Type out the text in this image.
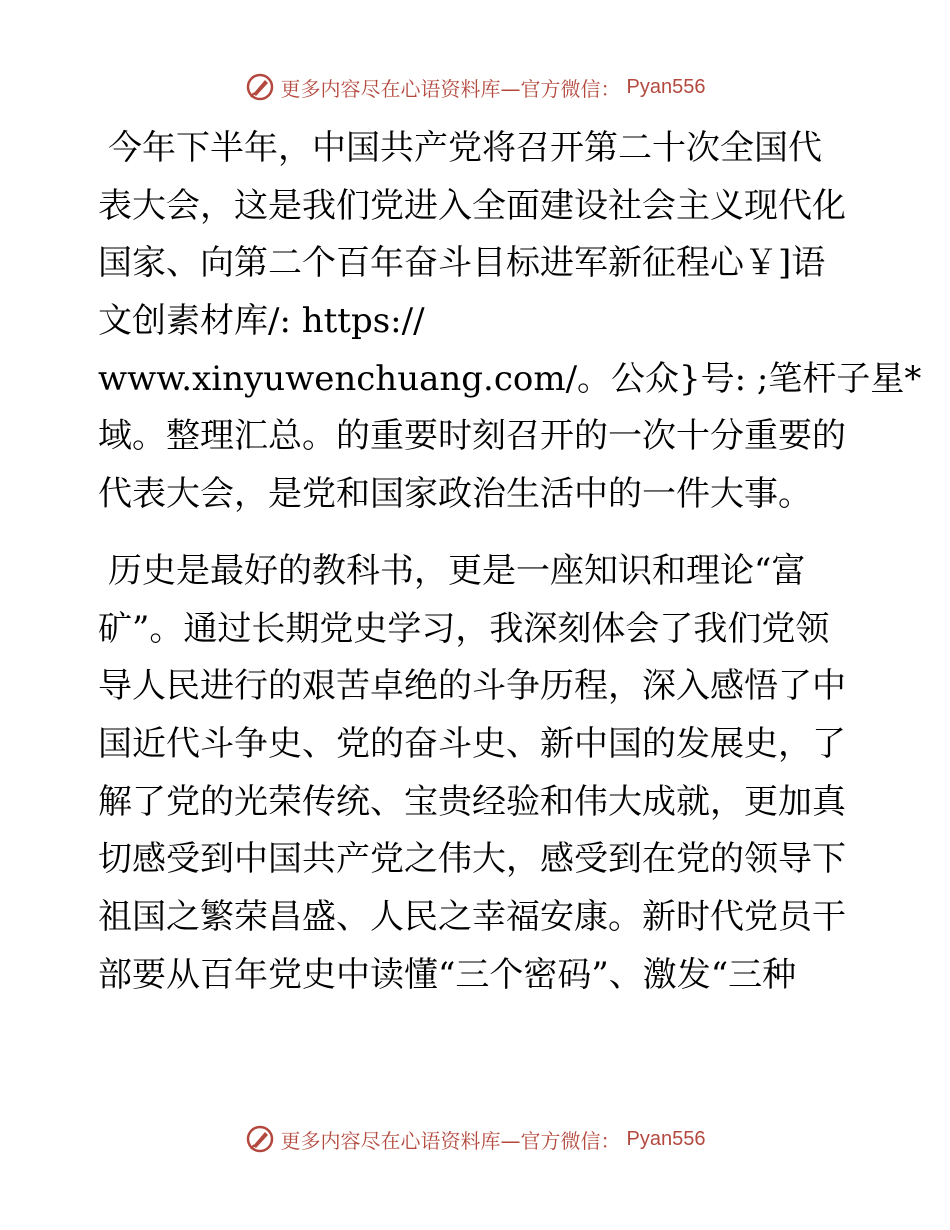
更多内容尽在心语资料库—官方微信： Pyan556
今年下半年，中国共产党将召开第二十次全国代
表大会，这是我们党进入全面建设社会主义现代化
国家、向第二个百年奋斗目标进军新征程心￥]语
文创素材库/: https://
www.xinyuwenchuang.com/。公众}号: ;笔杆子星*
域。整理汇总。的重要时刻召开的一次十分重要的
代表大会，是党和国家政治生活中的一件大事。
历史是最好的教科书，更是一座知识和理论“富
矿”。通过长期党史学习，我深刻体会了我们党领
导人民进行的艰苦卓绝的斗争历程，深入感悟了中
国近代斗争史、党的奋斗史、新中国的发展史，了
解了党的光荣传统、宝贵经验和伟大成就，更加真
切感受到中国共产党之伟大，感受到在党的领导下
祖国之繁荣昌盛、人民之幸福安康。新时代党员干
部要从百年党史中读懂“三个密码”、激发“三种
更多内容尽在心语资料库—官方微信： Pyan556
